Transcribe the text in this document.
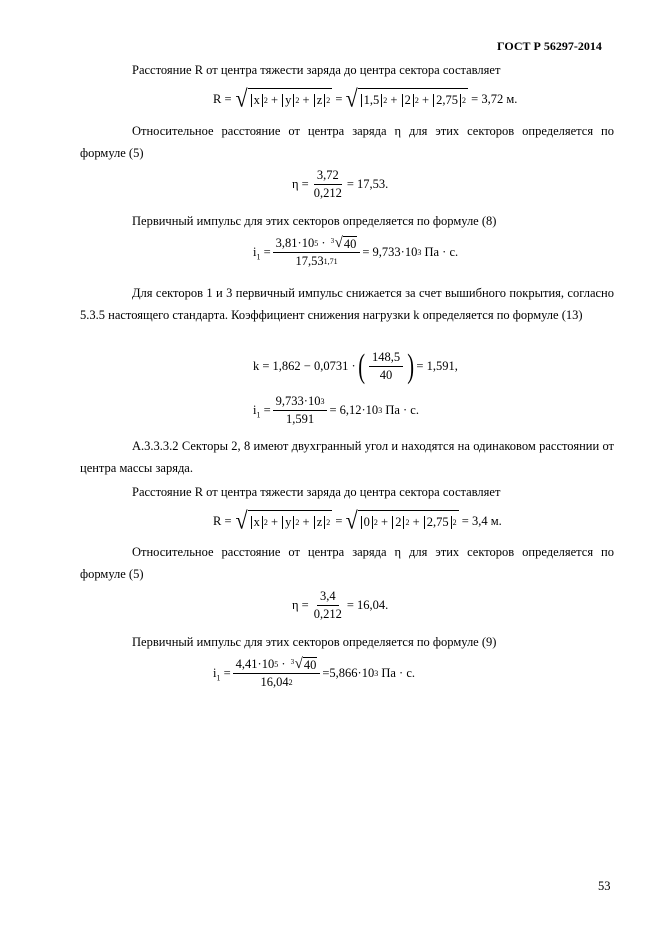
ГОСТ Р 56297-2014
Расстояние R от центра тяжести заряда до центра сектора составляет
R = √ x 2 + y 2 + z 2 = √ 1,5 2 + 2 2 + 2,75 2
= 3,72 м.
Относительное расстояние от центра заряда η для этих секторов определяется по формуле (5)
$\eta = \frac{3,72}{0,212} = 17,53$.
Первичный импульс для этих секторов определяется по формуле (8)
$i_1 = \frac{3,81\cdot 10 5 \cdot 3 √ 40}{17,53 1,71} = 9,733\cdot 10$ 3
Па · с.
Для секторов 1 и 3 первичный импульс снижается за счет вышибного покрытия, согласно 5.3.5 настоящего стандарта. Коэффициент снижения нагрузки k определяется по формуле (13)
k = 1,862 − 0,0731 · ( $\frac{148,5}{40}$ ) = 1,591,
$i_1 = \frac{9,733\cdot 10 3}{1,591} = 6,12\cdot 10$ 3
Па · с.
А.3.3.3.2 Секторы 2, 8 имеют двухгранный угол и находятся на одинаковом расстоянии от центра массы заряда.
Расстояние R от центра тяжести заряда до центра сектора составляет
R = √ x 2 + y 2 + z 2 = √ 0 2 + 2 2 + 2,75 2
= 3,4 м.
Относительное расстояние от центра заряда η для этих секторов определяется по формуле (5)
$\eta = \frac{3,4}{0,212} = 16,04$.
Первичный импульс для этих секторов определяется по формуле (9)
$i_1 = \frac{4,41\cdot 10 5 \cdot 3 √ 40}{16,04 2} =5,866\cdot 10$ 3
Па · с.
53
